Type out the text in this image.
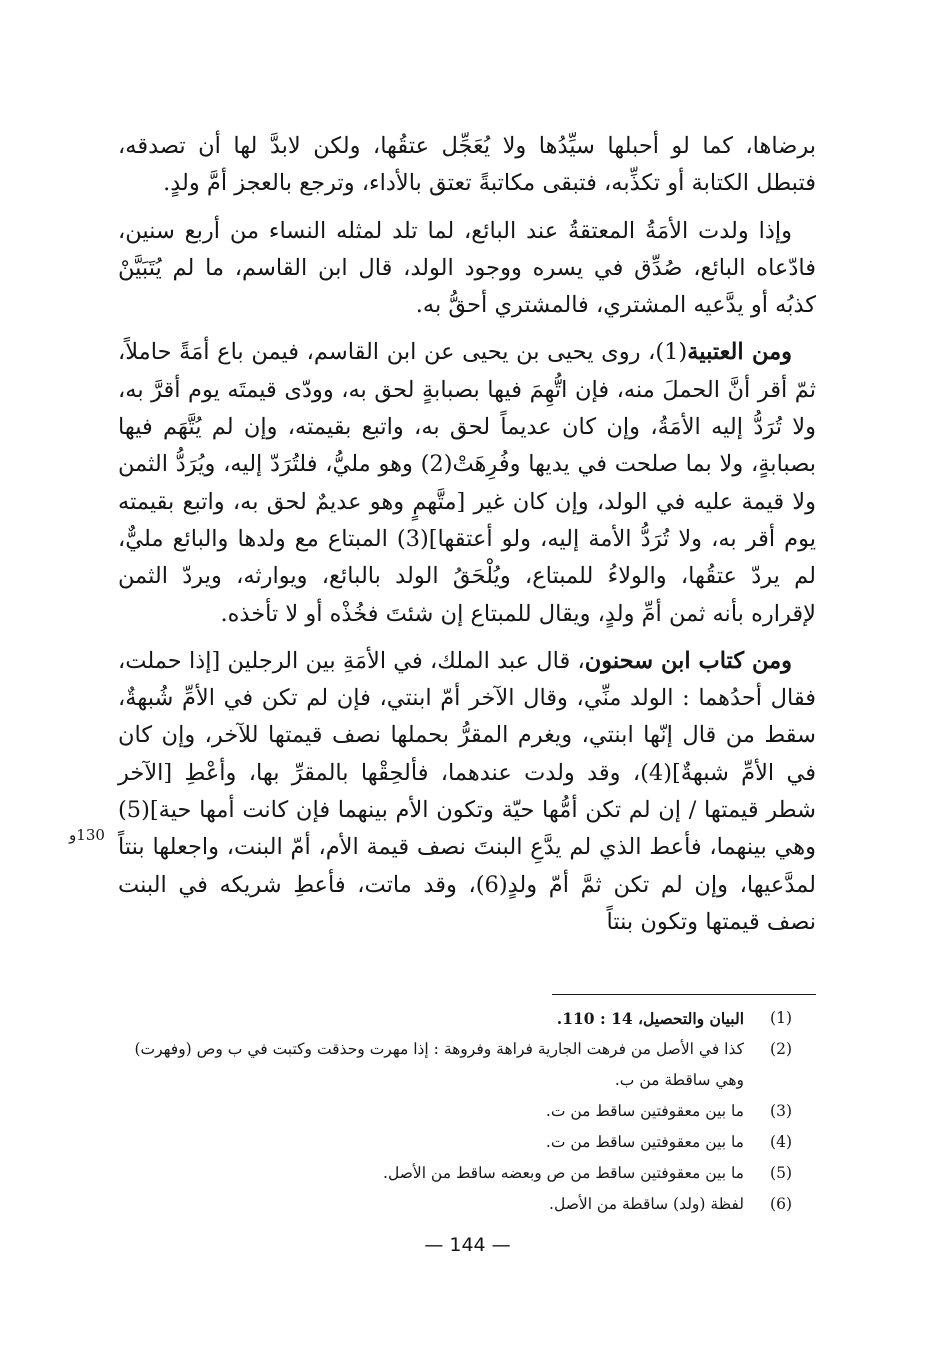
برضاها، كما لو أحبلها سيِّدُها ولا يُعَجِّل عتقُها، ولكن لابدَّ لها أن تصدقه، فتبطل الكتابة أو تكذِّبه، فتبقى مكاتبةً تعتق بالأداء، وترجع بالعجز أمَّ ولدٍ.

وإذا ولدت الأمَةُ المعتقةُ عند البائع، لما تلد لمثله النساء من أربع سنين، فادّعاه البائع، صُدِّق في يسره ووجود الولد، قال ابن القاسم، ما لم يُتَبَيَّنْ كذبُه أو يدَّعيه المشتري، فالمشتري أحقُّ به.

ومن العتبية(1)، روى يحيى بن يحيى عن ابن القاسم، فيمن باع أمَةً حاملاً، ثمّ أقر أنَّ الحملَ منه، فإن اتُّهِمَ فيها بصبابةٍ لحق به، وودّى قيمتَه يوم أقرَّ به، ولا تُرَدُّ إليه الأمَةُ، وإن كان عديماً لحق به، واتبع بقيمته، وإن لم يُتَّهَم فيها بصبابةٍ، ولا بما صلحت في يديها وفُرِهَتْ(2) وهو مليُّ، فلتُرَدّ إليه، ويُرَدُّ الثمن ولا قيمة عليه في الولد، وإن كان غير [متَّهمٍ وهو عديمٌ لحق به، واتبع بقيمته يوم أقر به، ولا تُرَدُّ الأمة إليه، ولو أعتقها](3) المبتاع مع ولدها والبائع مليٌّ، لم يردّ عتقُها، والولاءُ للمبتاع، ويُلْحَقُ الولد بالبائع، ويوارثه، ويردّ الثمن لإقراره بأنه ثمن أمِّ ولدٍ، ويقال للمبتاع إن شئتَ فخُذْه أو لا تأخذه.

ومن كتاب ابن سحنون، قال عبد الملك، في الأمَةِ بين الرجلين [إذا حملت، فقال أحدُهما : الولد منِّي، وقال الآخر أمّ ابنتي، فإن لم تكن في الأمِّ شُبهةٌ، سقط من قال إنّها ابنتي، ويغرم المقرُّ بحملها نصف قيمتها للآخر، وإن كان في الأمِّ شبهةٌ](4)، وقد ولدت عندهما، فألحِقْها بالمقرِّ بها، وأعْطِ [الآخر شطر قيمتها / إن لم تكن أمُّها حيّة وتكون الأم بينهما فإن كانت أمها حية](5) وهي بينهما، فأعط الذي لم يدَّعِ البنتَ نصف قيمة الأم، أمّ البنت، واجعلها بنتاً لمدَّعيها، وإن لم تكن ثمَّ أمّ ولدٍ(6)، وقد ماتت، فأعطِ شريكه في البنت نصف قيمتها وتكون بنتاً

130و
(1)
البيان والتحصيل، 14 : 110.
(2)
كذا في الأصل من فرهت الجارية فراهة وفروهة : إذا مهرت وحذقت وكتبت في ب وص (وفهرت) وهي ساقطة من ب.
(3)
ما بين معقوفتين ساقط من ت.
(4)
ما بين معقوفتين ساقط من ت.
(5)
ما بين معقوفتين ساقط من ص وبعضه ساقط من الأصل.
(6)
لفظة (ولد) ساقطة من الأصل.
— 144 —
